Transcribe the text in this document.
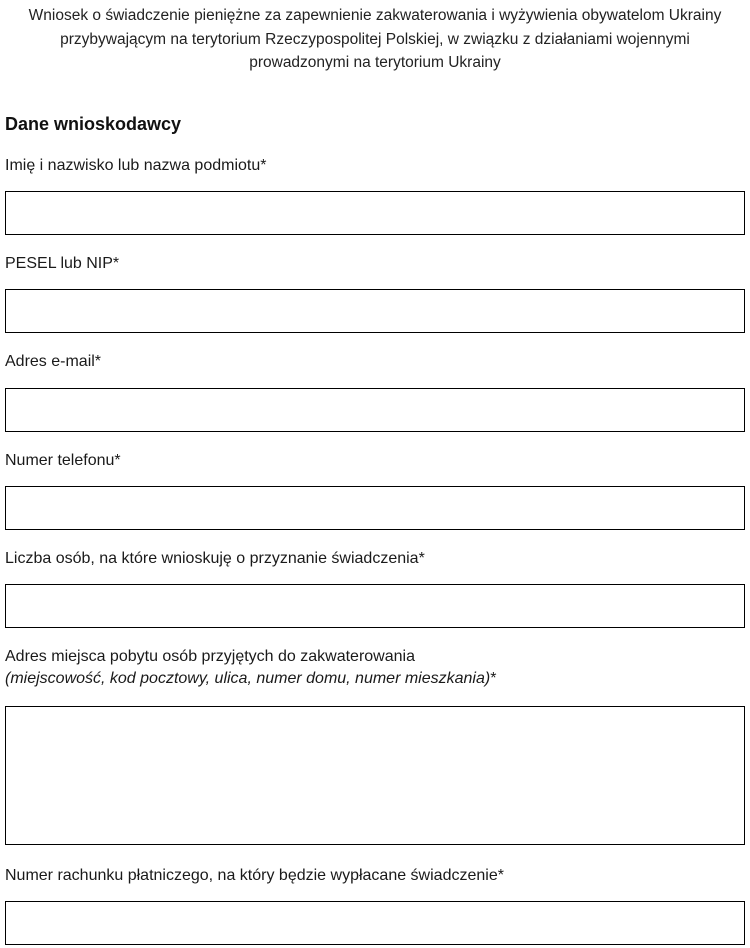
Wniosek o świadczenie pieniężne za zapewnienie zakwaterowania i wyżywienia obywatelom Ukrainy
przybywającym na terytorium Rzeczypospolitej Polskiej, w związku z działaniami wojennymi
prowadzonymi na terytorium Ukrainy
Dane wnioskodawcy
Imię i nazwisko lub nazwa podmiotu*
PESEL lub NIP*
Adres e-mail*
Numer telefonu*
Liczba osób, na które wnioskuję o przyznanie świadczenia*
Adres miejsca pobytu osób przyjętych do zakwaterowania
(miejscowość, kod pocztowy, ulica, numer domu, numer mieszkania)*
Numer rachunku płatniczego, na który będzie wypłacane świadczenie*
